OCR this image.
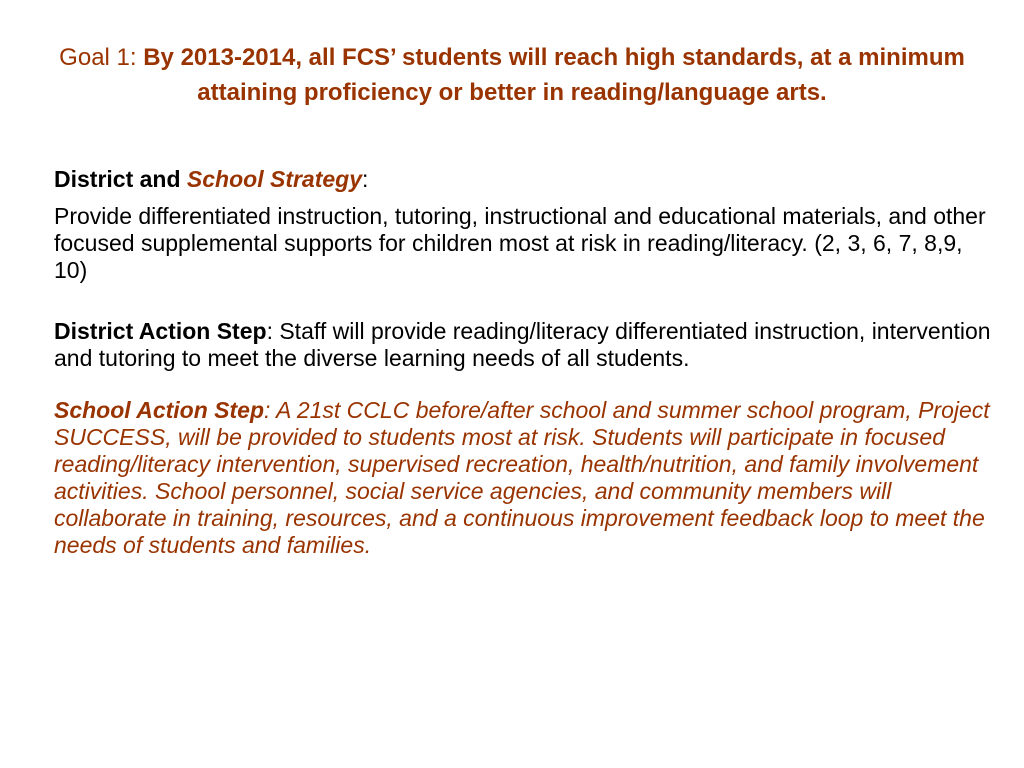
Goal 1: By 2013-2014, all FCS’ students will reach high standards, at a minimum attaining proficiency or better in reading/language arts.

District and School Strategy:

Provide differentiated instruction, tutoring, instructional and educational materials, and other focused supplemental supports for children most at risk in reading/literacy. (2, 3, 6, 7, 8,9, 10)

District Action Step: Staff will provide reading/literacy differentiated instruction, intervention and tutoring to meet the diverse learning needs of all students.

School Action Step: A 21st CCLC before/after school and summer school program, Project SUCCESS, will be provided to students most at risk. Students will participate in focused reading/literacy intervention, supervised recreation, health/nutrition, and family involvement activities. School personnel, social service agencies, and community members will collaborate in training, resources, and a continuous improvement feedback loop to meet the needs of students and families.
